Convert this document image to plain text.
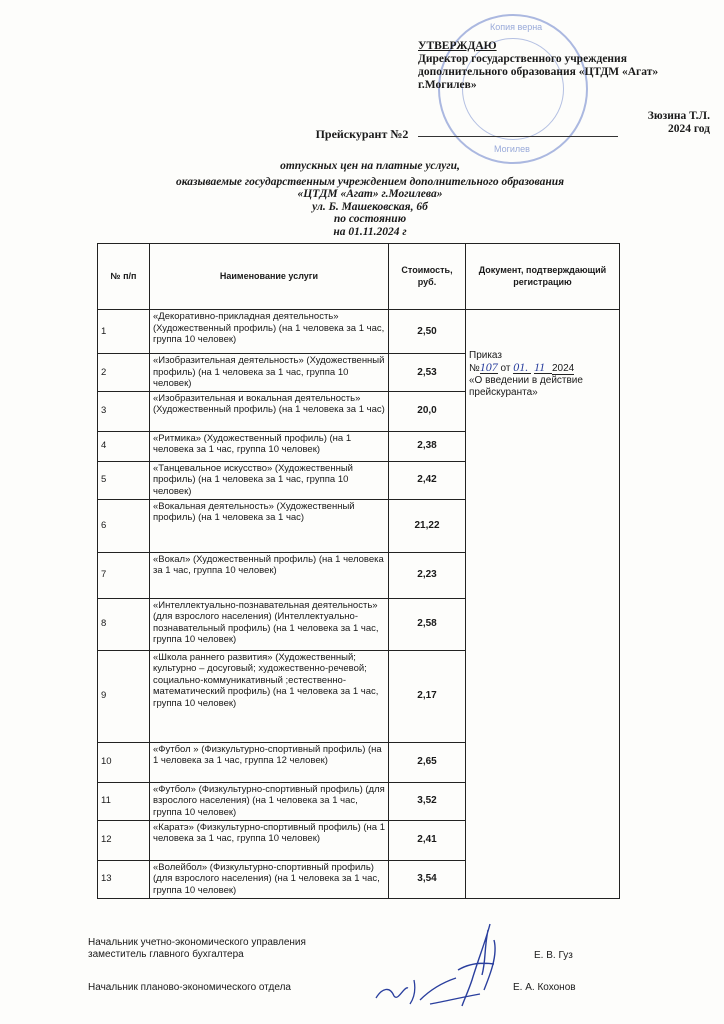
Копия верна
Могилев
УТВЕРЖДАЮ
Директор государственного учреждения
дополнительного образования «ЦТДМ «Агат»
г.Могилев»
Зюзина Т.Л.
2024 год
Прейскурант №2
отпускных цен на платные услуги,
оказываемые государственным учреждением дополнительного образования
«ЦТДМ «Агат» г.Могилева»
ул. Б. Машековская, 6б
по состоянию
на 01.11.2024 г
№ п/п	Наименование услуги	Стоимость, руб.	Документ, подтверждающий регистрацию
1	«Декоративно-прикладная деятельность» (Художественный профиль) (на 1 человека за 1 час, группа 10 человек)	2,50	Приказ
№107 от 01. 11 2024
«О введении в действие прейскуранта»

2	«Изобразительная деятельность» (Художественный профиль) (на 1 человека за 1 час, группа 10 человек)	2,53	
3	«Изобразительная и вокальная деятельность» (Художественный профиль) (на 1 человека за 1 час)	20,0	
4	«Ритмика» (Художественный профиль) (на 1 человека за 1 час, группа 10 человек)	2,38	
5	«Танцевальное искусство» (Художественный профиль) (на 1 человека за 1 час, группа 10 человек)	2,42	
6	«Вокальная деятельность» (Художественный профиль) (на 1 человека за 1 час)	21,22	
7	«Вокал» (Художественный профиль) (на 1 человека за 1 час, группа 10 человек)	2,23	
8	«Интеллектуально-познавательная деятельность» (для взрослого населения) (Интеллектуально-познавательный профиль) (на 1 человека за 1 час, группа 10 человек)	2,58	
9	«Школа раннего развития» (Художественный; культурно – досуговый; художественно-речевой; социально-коммуникативный ;естественно-математический профиль) (на 1 человека за 1 час, группа 10 человек)	2,17	
10	«Футбол » (Физкультурно-спортивный профиль) (на 1 человека за 1 час, группа 12 человек)	2,65	
11	«Футбол» (Физкультурно-спортивный профиль) (для взрослого населения) (на 1 человека за 1 час, группа 10 человек)	3,52	
12	«Каратэ» (Физкультурно-спортивный профиль) (на 1 человека за 1 час, группа 10 человек)	2,41	
13	«Волейбол» (Физкультурно-спортивный профиль) (для взрослого населения) (на 1 человека за 1 час, группа 10 человек)	3,54	
Начальник учетно-экономического управления
заместитель главного бухгалтера	Е. В. Гуз
Начальник планово-экономического отдела	Е. А. Кохонов
